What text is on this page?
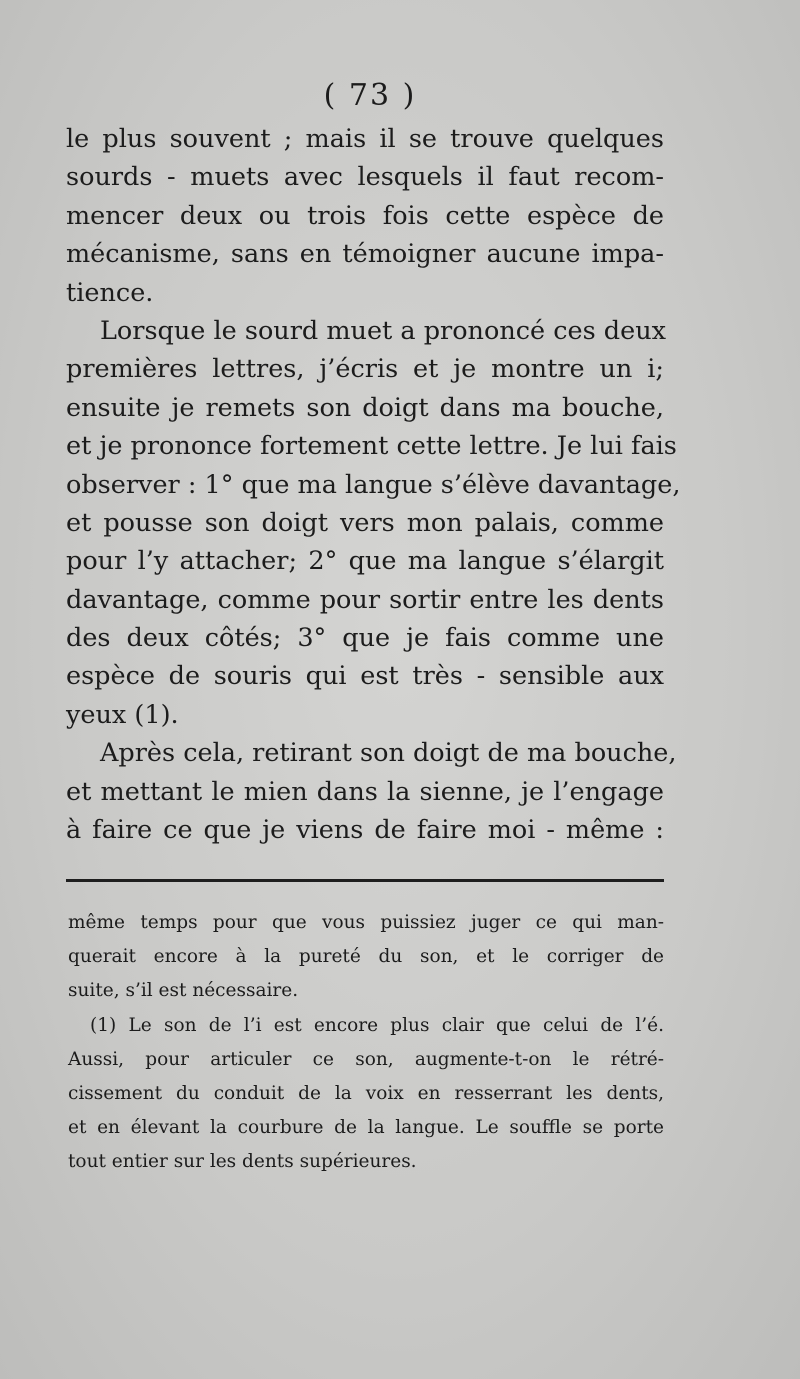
( 73 )
le plus souvent ; mais il se trouve quelques
sourds - muets avec lesquels il faut recom-
mencer deux ou trois fois cette espèce de
mécanisme, sans en témoigner aucune impa-
tience.
Lorsque le sourd muet a prononcé ces deux
premières lettres, j’écris et je montre un i;
ensuite je remets son doigt dans ma bouche,
et je prononce fortement cette lettre. Je lui fais
observer : 1° que ma langue s’élève davantage,
et pousse son doigt vers mon palais, comme
pour l’y attacher; 2° que ma langue s’élargit
davantage, comme pour sortir entre les dents
des deux côtés; 3° que je fais comme une
espèce de souris qui est très - sensible aux
yeux (1).
Après cela, retirant son doigt de ma bouche,
et mettant le mien dans la sienne, je l’engage
à faire ce que je viens de faire moi - même :
même temps pour que vous puissiez juger ce qui man-
querait encore à la pureté du son, et le corriger de
suite, s’il est nécessaire.
(1) Le son de l’i est encore plus clair que celui de l’é.
Aussi, pour articuler ce son, augmente-t-on le rétré-
cissement du conduit de la voix en resserrant les dents,
et en élevant la courbure de la langue. Le souffle se porte
tout entier sur les dents supérieures.
